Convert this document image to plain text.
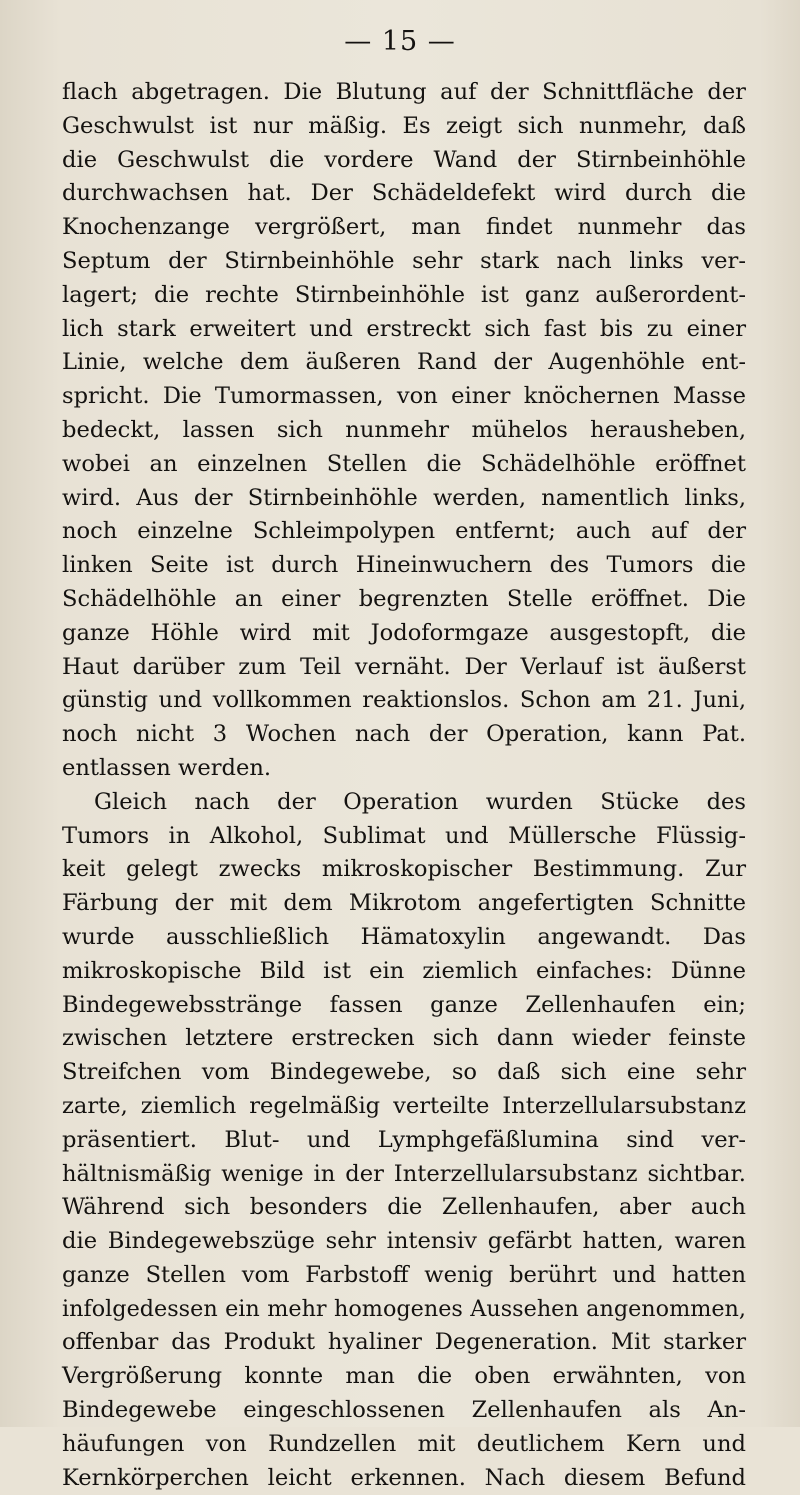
— 15 —

flach abgetragen. Die Blutung auf der Schnittfläche der
Geschwulst ist nur mäßig. Es zeigt sich nunmehr, daß
die Geschwulst die vordere Wand der Stirnbeinhöhle
durchwachsen hat. Der Schädeldefekt wird durch die
Knochenzange vergrößert, man findet nunmehr das
Septum der Stirnbeinhöhle sehr stark nach links ver-
lagert; die rechte Stirnbeinhöhle ist ganz außerordent-
lich stark erweitert und erstreckt sich fast bis zu einer
Linie, welche dem äußeren Rand der Augenhöhle ent-
spricht. Die Tumormassen, von einer knöchernen Masse
bedeckt, lassen sich nunmehr mühelos herausheben,
wobei an einzelnen Stellen die Schädelhöhle eröffnet
wird. Aus der Stirnbeinhöhle werden, namentlich links,
noch einzelne Schleimpolypen entfernt; auch auf der
linken Seite ist durch Hineinwuchern des Tumors die
Schädelhöhle an einer begrenzten Stelle eröffnet. Die
ganze Höhle wird mit Jodoformgaze ausgestopft, die
Haut darüber zum Teil vernäht. Der Verlauf ist äußerst
günstig und vollkommen reaktionslos. Schon am 21. Juni,
noch nicht 3 Wochen nach der Operation, kann Pat.
entlassen werden.
Gleich nach der Operation wurden Stücke des
Tumors in Alkohol, Sublimat und Müllersche Flüssig-
keit gelegt zwecks mikroskopischer Bestimmung. Zur
Färbung der mit dem Mikrotom angefertigten Schnitte
wurde ausschließlich Hämatoxylin angewandt. Das
mikroskopische Bild ist ein ziemlich einfaches: Dünne
Bindegewebsstränge fassen ganze Zellenhaufen ein;
zwischen letztere erstrecken sich dann wieder feinste
Streifchen vom Bindegewebe, so daß sich eine sehr
zarte, ziemlich regelmäßig verteilte Interzellularsubstanz
präsentiert. Blut- und Lymphgefäßlumina sind ver-
hältnismäßig wenige in der Interzellularsubstanz sichtbar.
Während sich besonders die Zellenhaufen, aber auch
die Bindegewebszüge sehr intensiv gefärbt hatten, waren
ganze Stellen vom Farbstoff wenig berührt und hatten
infolgedessen ein mehr homogenes Aussehen angenommen,
offenbar das Produkt hyaliner Degeneration. Mit starker
Vergrößerung konnte man die oben erwähnten, von
Bindegewebe eingeschlossenen Zellenhaufen als An-
häufungen von Rundzellen mit deutlichem Kern und
Kernkörperchen leicht erkennen. Nach diesem Befund
